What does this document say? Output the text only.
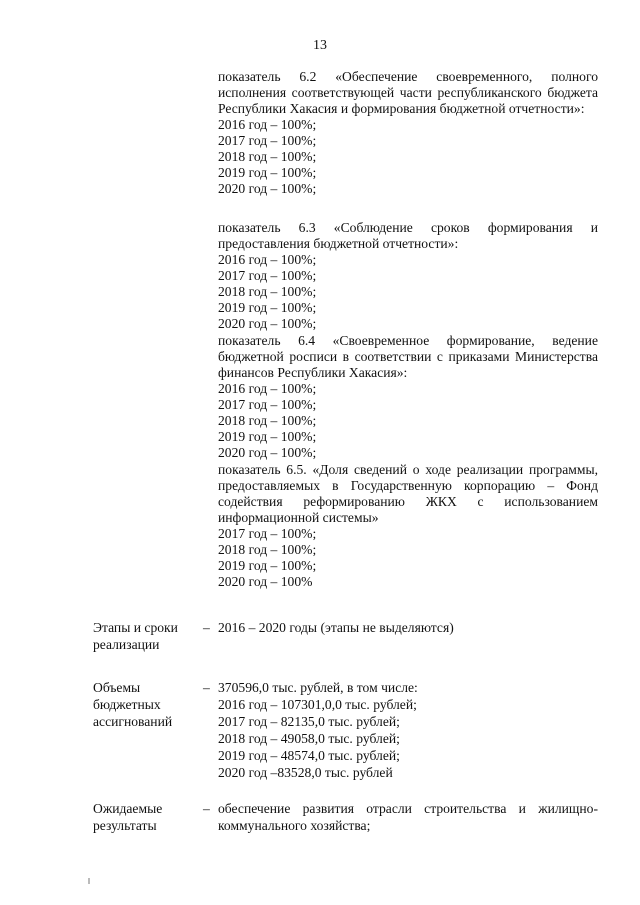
13
показатель 6.2 «Обеспечение своевременного, полного исполнения соответствующей части республиканского бюджета Республики Хакасия и формирования бюджетной отчетности»:
2016 год – 100%;
2017 год – 100%;
2018 год – 100%;
2019 год – 100%;
2020 год – 100%;
показатель 6.3 «Соблюдение сроков формирования и предоставления бюджетной отчетности»:
2016 год – 100%;
2017 год – 100%;
2018 год – 100%;
2019 год – 100%;
2020 год – 100%;
показатель 6.4 «Своевременное формирование, ведение бюджетной росписи в соответствии с приказами Министерства финансов Республики Хакасия»:
2016 год – 100%;
2017 год – 100%;
2018 год – 100%;
2019 год – 100%;
2020 год – 100%;
показатель 6.5. «Доля сведений о ходе реализации программы, предоставляемых в Государственную корпорацию – Фонд содействия реформированию ЖКХ с использованием информационной системы»
2017 год – 100%;
2018 год – 100%;
2019 год – 100%;
2020 год – 100%
Этапы и сроки реализации
– 2016 – 2020 годы (этапы не выделяются)
Объемы бюджетных ассигнований
– 370596,0 тыс. рублей, в том числе:
2016 год – 107301,0,0 тыс. рублей;
2017 год – 82135,0 тыс. рублей;
2018 год – 49058,0 тыс. рублей;
2019 год – 48574,0 тыс. рублей;
2020 год –83528,0 тыс. рублей
Ожидаемые результаты
– обеспечение развития отрасли строительства и жилищно-коммунального хозяйства;
